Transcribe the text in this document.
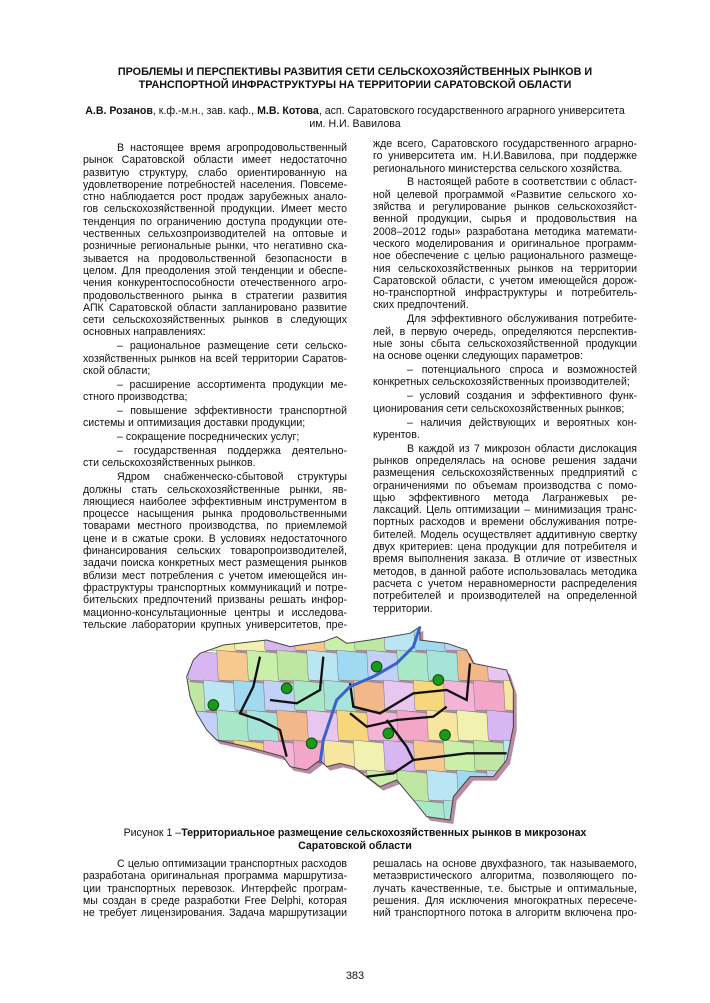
ПРОБЛЕМЫ И ПЕРСПЕКТИВЫ РАЗВИТИЯ СЕТИ СЕЛЬСКОХОЗЯЙСТВЕННЫХ РЫНКОВ И
ТРАНСПОРТНОЙ ИНФРАСТРУКТУРЫ НА ТЕРРИТОРИИ САРАТОВСКОЙ ОБЛАСТИ
А.В. Розанов, к.ф.-м.н., зав. каф., М.В. Котова, асп. Саратовского государственного аграрного университета
им. Н.И. Вавилова
В настоящее время агропродовольственный
рынок Саратовской области имеет недостаточно
развитую структуру, слабо ориентированную на
удовлетворение потребностей населения. Повсеме-
стно наблюдается рост продаж зарубежных анало-
гов сельскохозяйственной продукции. Имеет место
тенденция по ограничению доступа продукции оте-
чественных сельхозпроизводителей на оптовые и
розничные региональные рынки, что негативно ска-
зывается на продовольственной безопасности в
целом. Для преодоления этой тенденции и обеспе-
чения конкурентоспособности отечественного агро-
продовольственного рынка в стратегии развития
АПК Саратовской области запланировано развитие
сети сельскохозяйственных рынков в следующих
основных направлениях:
– рациональное размещение сети сельско-
хозяйственных рынков на всей территории Саратов-
ской области;
– расширение ассортимента продукции ме-
стного производства;
– повышение эффективности транспортной
системы и оптимизация доставки продукции;
– сокращение посреднических услуг;
– государственная поддержка деятельно-
сти сельскохозяйственных рынков.
Ядром снабженческо-сбытовой структуры
должны стать сельскохозяйственные рынки, яв-
ляющиеся наиболее эффективным инструментом в
процессе насыщения рынка продовольственными
товарами местного производства, по приемлемой
цене и в сжатые сроки. В условиях недостаточного
финансирования сельских товаропроизводителей,
задачи поиска конкретных мест размещения рынков
вблизи мест потребления с учетом имеющейся ин-
фраструктуры транспортных коммуникаций и потре-
бительских предпочтений призваны решать инфор-
мационно-консультационные центры и исследова-
тельские лаборатории крупных университетов, пре-
жде всего, Саратовского государственного аграрно-
го университета им. Н.И.Вавилова, при поддержке
регионального министерства сельского хозяйства.
В настоящей работе в соответствии с област-
ной целевой программой «Развитие сельского хо-
зяйства и регулирование рынков сельскохозяйст-
венной продукции, сырья и продовольствия на
2008–2012 годы» разработана методика математи-
ческого моделирования и оригинальное программ-
ное обеспечение с целью рационального размеще-
ния сельскохозяйственных рынков на территории
Саратовской области, с учетом имеющейся дорож-
но-транспортной инфраструктуры и потребитель-
ских предпочтений.
Для эффективного обслуживания потребите-
лей, в первую очередь, определяются перспектив-
ные зоны сбыта сельскохозяйственной продукции
на основе оценки следующих параметров:
– потенциального спроса и возможностей
конкретных сельскохозяйственных производителей;
– условий создания и эффективного функ-
ционирования сети сельскохозяйственных рынков;
– наличия действующих и вероятных кон-
курентов.
В каждой из 7 микрозон области дислокация
рынков определялась на основе решения задачи
размещения сельскохозяйственных предприятий с
ограничениями по объемам производства с помо-
щью эффективного метода Лагранжевых ре-
лаксаций. Цель оптимизации – минимизация транс-
портных расходов и времени обслуживания потре-
бителей. Модель осуществляет аддитивную свертку
двух критериев: цена продукции для потребителя и
время выполнения заказа. В отличие от известных
методов, в данной работе использовалась методика
расчета с учетом неравномерности распределения
потребителей и производителей на определенной
территории.
Рисунок 1 –Территориальное размещение сельскохозяйственных рынков в микрозонах
Саратовской области
С целью оптимизации транспортных расходов
разработана оригинальная программа маршрутиза-
ции транспортных перевозок. Интерфейс програм-
мы создан в среде разработки Free Delphi, которая
не требует лицензирования. Задача маршрутизации
решалась на основе двухфазного, так называемого,
метаэвристического алгоритма, позволяющего по-
лучать качественные, т.е. быстрые и оптимальные,
решения. Для исключения многократных пересече-
ний транспортного потока в алгоритм включена про-
383
